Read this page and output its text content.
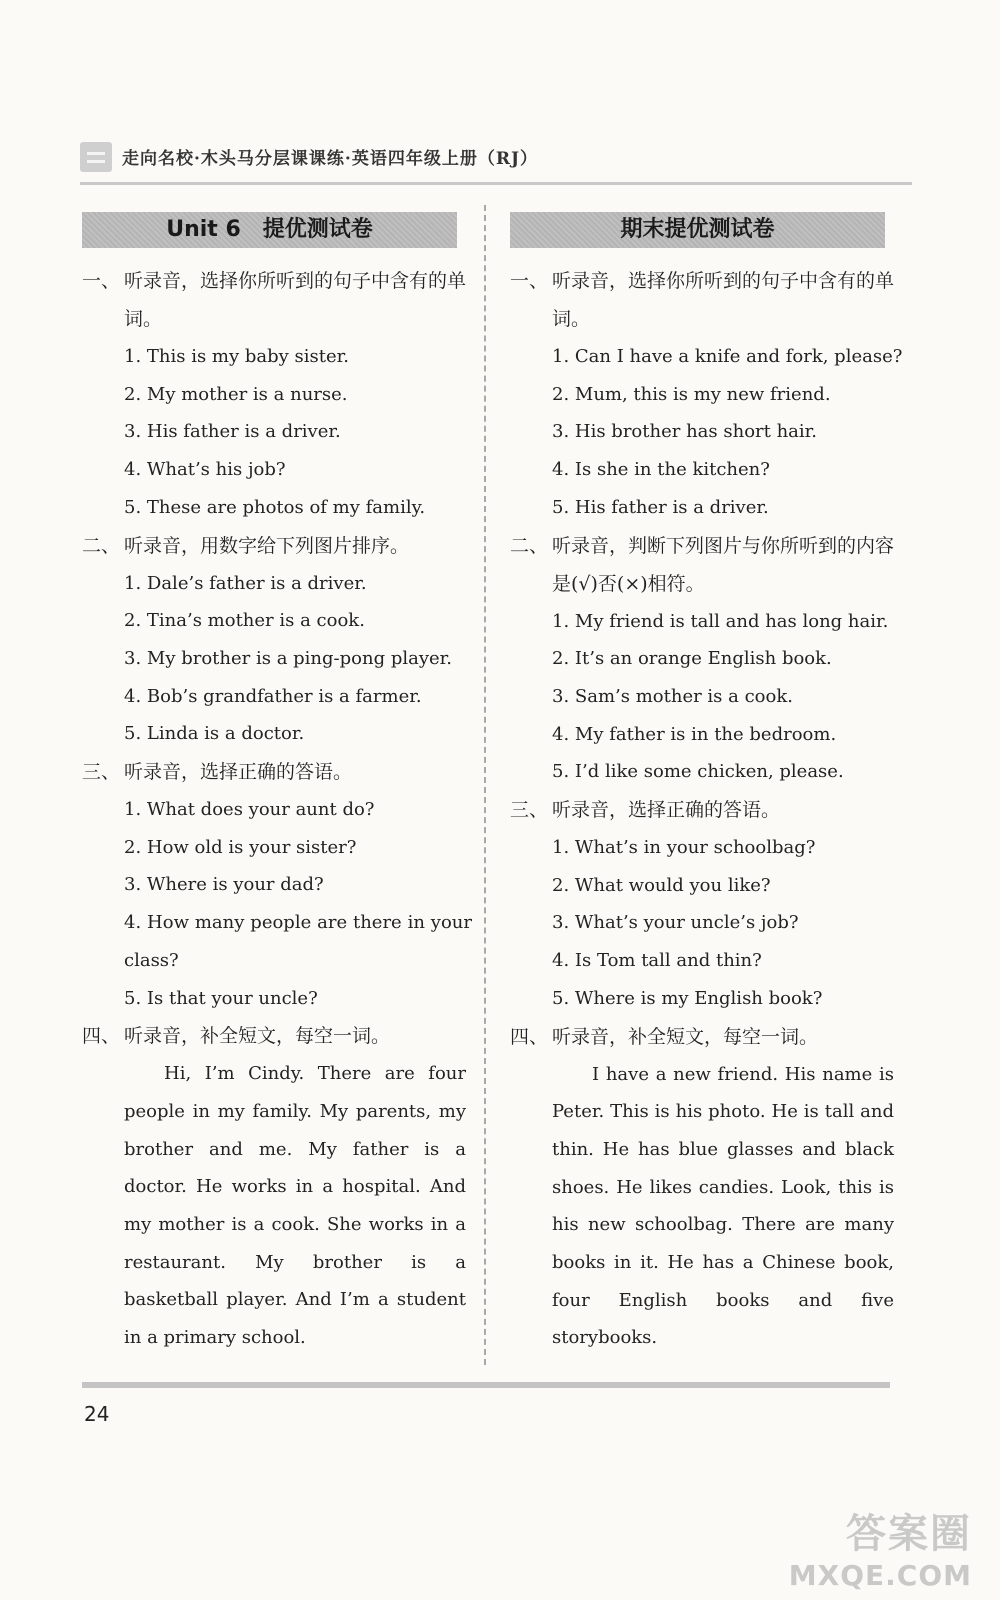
走向名校·木头马分层课课练·英语四年级上册（RJ）
Unit 6　提优测试卷
一、 听录音，选择你所听到的句子中含有的单词。
1. This is my baby sister.
2. My mother is a nurse.
3. His father is a driver.
4. What’s his job?
5. These are photos of my family.
二、 听录音，用数字给下列图片排序。
1. Dale’s father is a driver.
2. Tina’s mother is a cook.
3. My brother is a ping-pong player.
4. Bob’s grandfather is a farmer.
5. Linda is a doctor.
三、 听录音，选择正确的答语。
1. What does your aunt do?
2. How old is your sister?
3. Where is your dad?
4. How many people are there in your class?
5. Is that your uncle?
四、 听录音，补全短文，每空一词。
Hi, I’m Cindy. There are four people in my family. My parents, my brother and me. My father is a doctor. He works in a hospital. And my mother is a cook. She works in a restaurant. My brother is a basketball player. And I’m a student in a primary school.
期末提优测试卷
一、 听录音，选择你所听到的句子中含有的单词。
1. Can I have a knife and fork, please?
2. Mum, this is my new friend.
3. His brother has short hair.
4. Is she in the kitchen?
5. His father is a driver.
二、 听录音，判断下列图片与你所听到的内容是(√)否(×)相符。
1. My friend is tall and has long hair.
2. It’s an orange English book.
3. Sam’s mother is a cook.
4. My father is in the bedroom.
5. I’d like some chicken, please.
三、 听录音，选择正确的答语。
1. What’s in your schoolbag?
2. What would you like?
3. What’s your uncle’s job?
4. Is Tom tall and thin?
5. Where is my English book?
四、 听录音，补全短文，每空一词。
I have a new friend. His name is Peter. This is his photo. He is tall and thin. He has blue glasses and black shoes. He likes candies. Look, this is his new schoolbag. There are many books in it. He has a Chinese book, four English books and five storybooks.
24
答案圈
MXQE.COM
